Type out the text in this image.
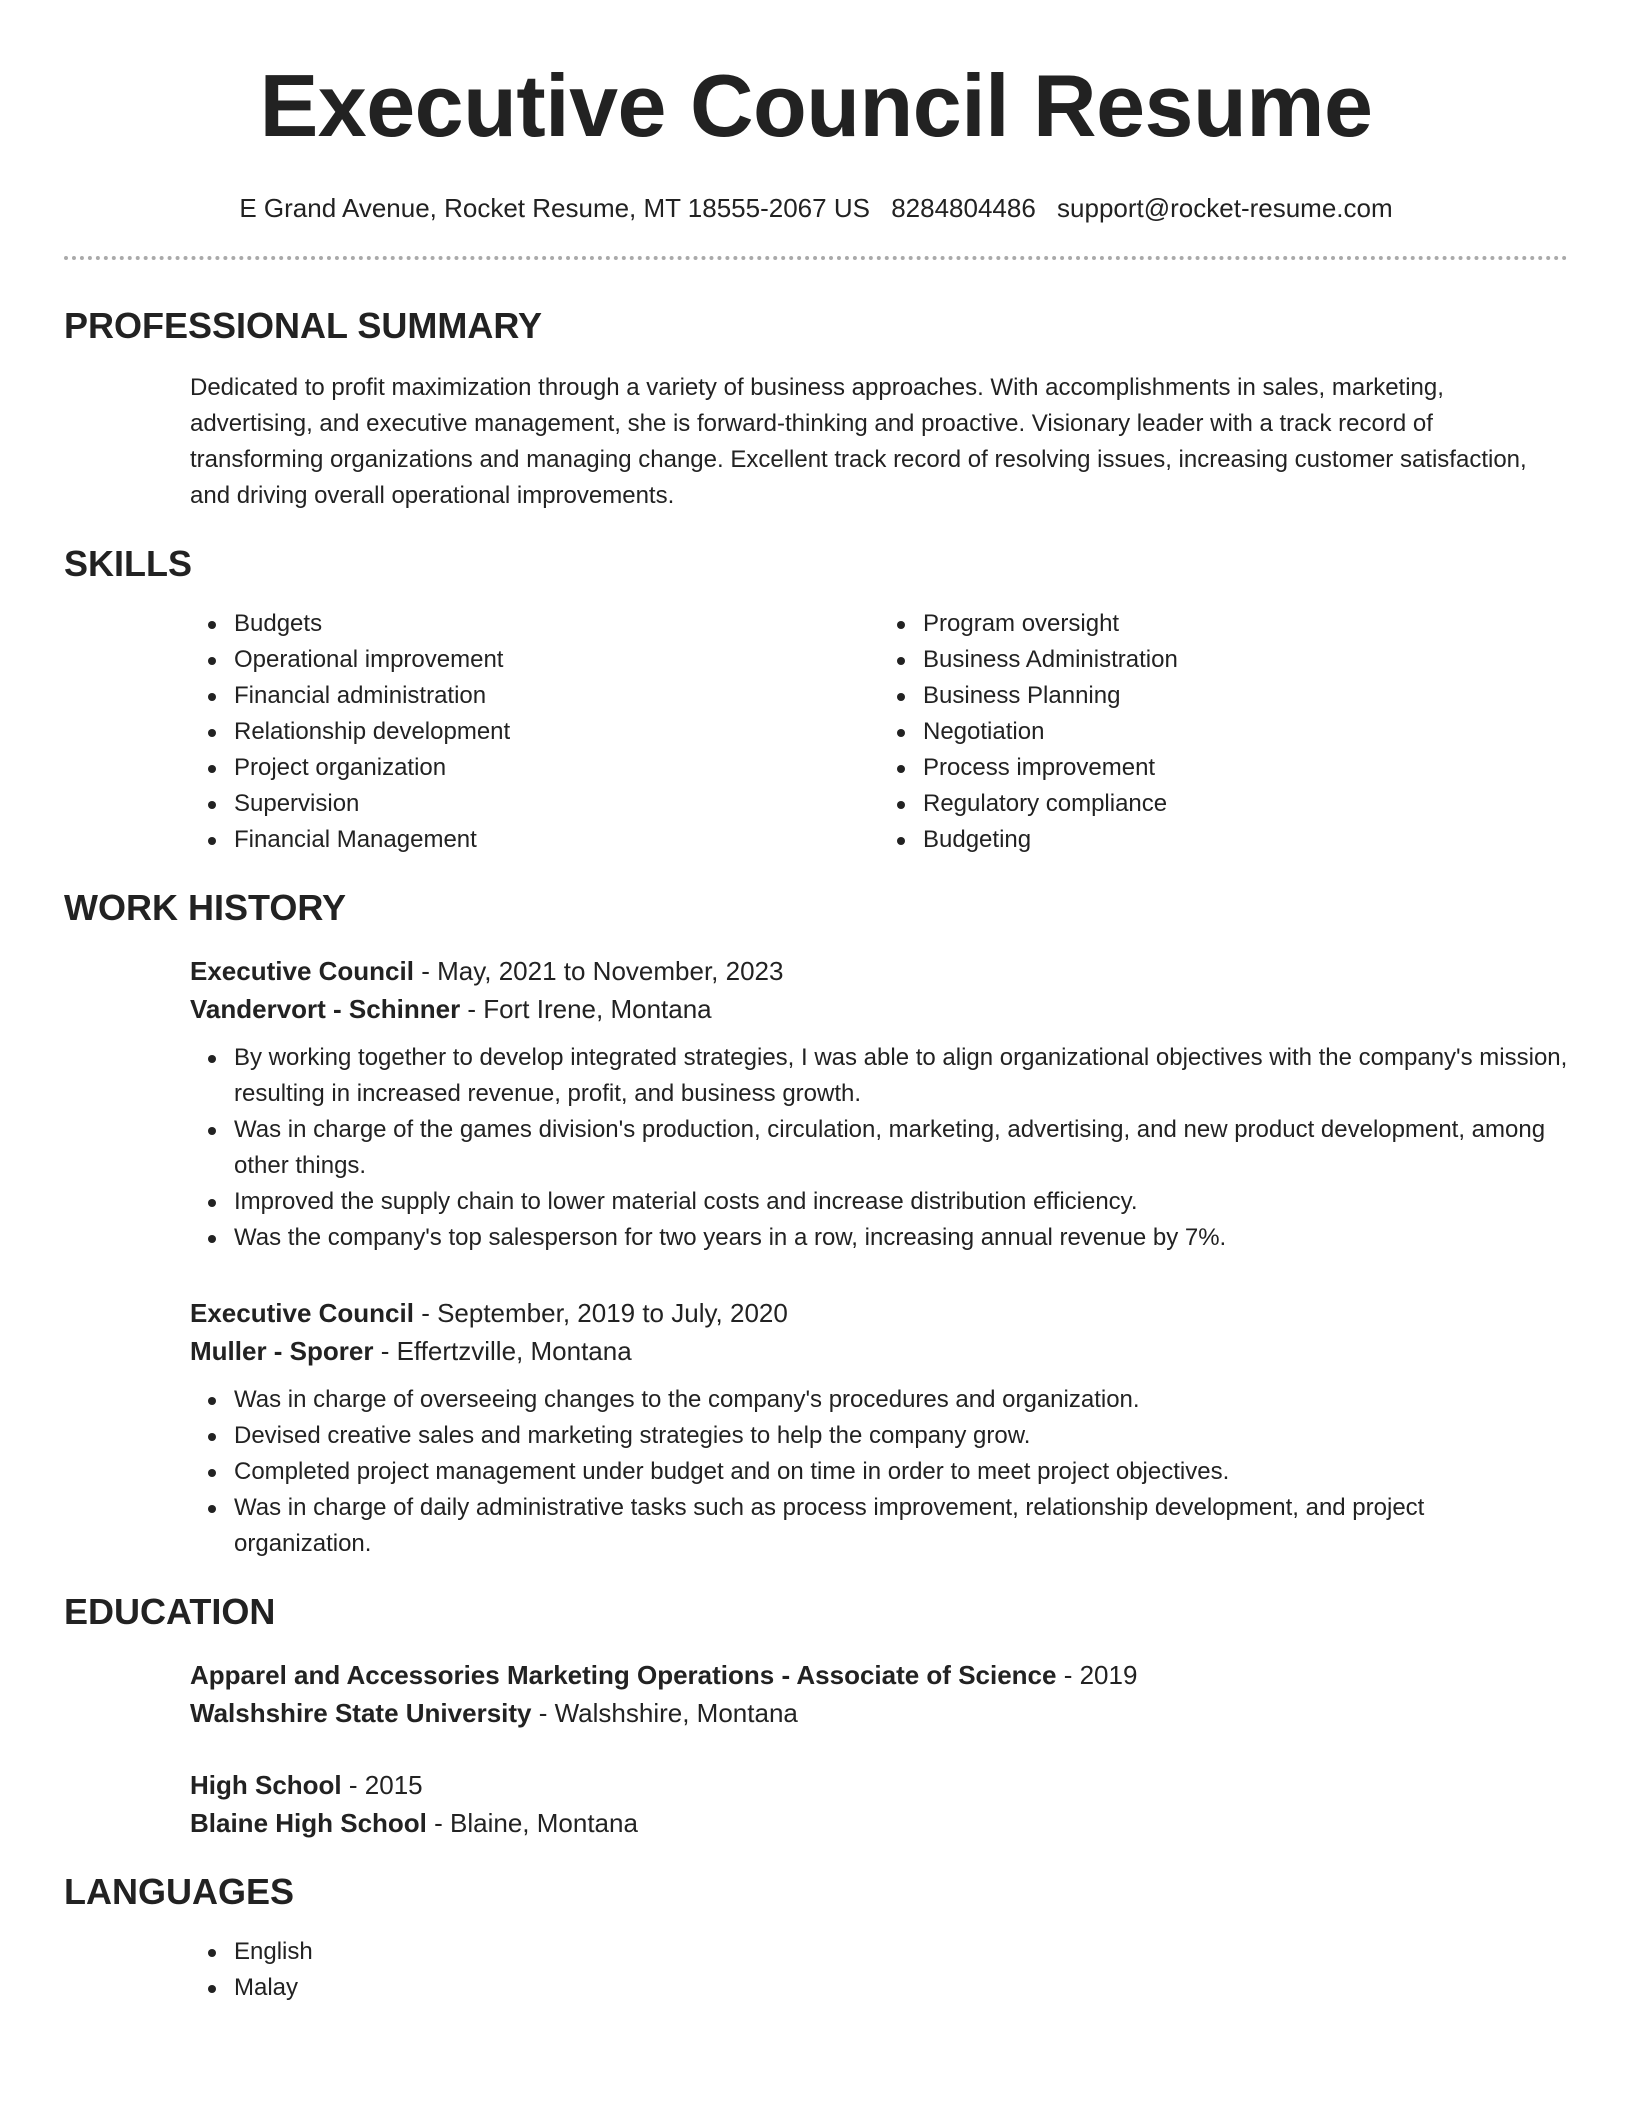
Executive Council Resume
E Grand Avenue, Rocket Resume, MT 18555-2067 US 8284804486 support@rocket-resume.com
PROFESSIONAL SUMMARY
Dedicated to profit maximization through a variety of business approaches. With accomplishments in sales, marketing, advertising, and executive management, she is forward-thinking and proactive. Visionary leader with a track record of transforming organizations and managing change. Excellent track record of resolving issues, increasing customer satisfaction, and driving overall operational improvements.
SKILLS
Budgets
Operational improvement
Financial administration
Relationship development
Project organization
Supervision
Financial Management
Program oversight
Business Administration
Business Planning
Negotiation
Process improvement
Regulatory compliance
Budgeting
WORK HISTORY
Executive Council - May, 2021 to November, 2023
Vandervort - Schinner - Fort Irene, Montana
By working together to develop integrated strategies, I was able to align organizational objectives with the company's mission, resulting in increased revenue, profit, and business growth.
Was in charge of the games division's production, circulation, marketing, advertising, and new product development, among other things.
Improved the supply chain to lower material costs and increase distribution efficiency.
Was the company's top salesperson for two years in a row, increasing annual revenue by 7%.
Executive Council - September, 2019 to July, 2020
Muller - Sporer - Effertzville, Montana
Was in charge of overseeing changes to the company's procedures and organization.
Devised creative sales and marketing strategies to help the company grow.
Completed project management under budget and on time in order to meet project objectives.
Was in charge of daily administrative tasks such as process improvement, relationship development, and project organization.
EDUCATION
Apparel and Accessories Marketing Operations - Associate of Science - 2019
Walshshire State University - Walshshire, Montana
High School - 2015
Blaine High School - Blaine, Montana
LANGUAGES
English
Malay
